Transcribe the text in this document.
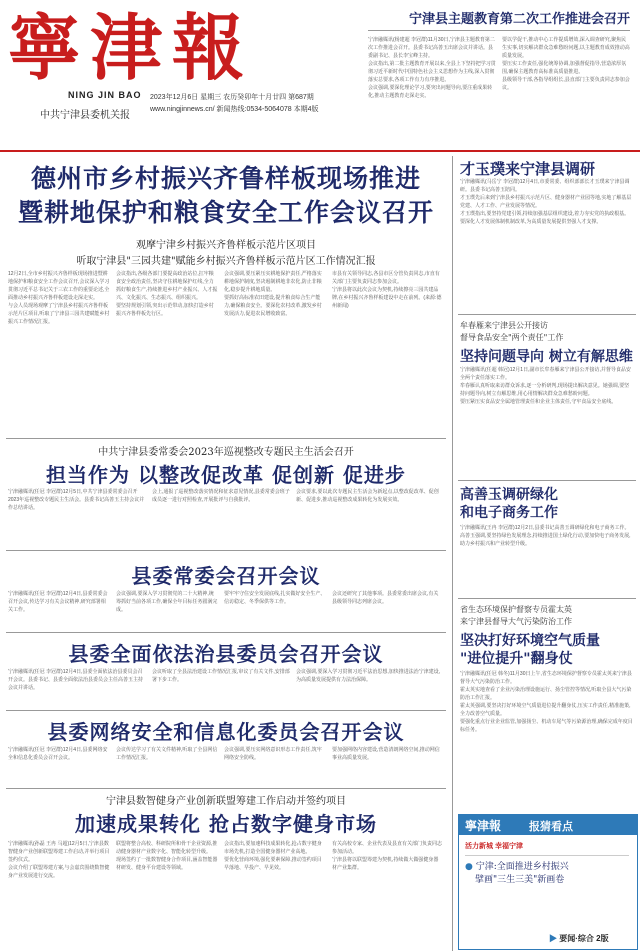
寧津報
NING JIN BAO
中共宁津县委机关报
2023年12月6日 星期三 农历癸卯年十月廿四 第687期
www.ningjinnews.cn/ 新闻热线:0534-5064078 本期4版
宁津县主题教育第二次工作推进会召开
宁津融媒讯(杨建超 李冠群)11月30日,宁津县主题教育第二次工作推进会召开。县委书记高善玉出席会议并讲话。县委副书记、县长李宝峰主持。
会议指出,第二批主题教育开展以来,全县上下坚持把学习贯彻习近平新时代中国特色社会主义思想作为主线,深入贯彻落实总要求,各项工作有力有序推进。
会议强调,要深化理论学习,要突出问题导向,要注重成果转化,推动主题教育走深走实。
要以学促干,推动中心工作提质增效,深入调查研究,聚焦民生实事,切实解决群众急难愁盼问题,以主题教育成效推动高质量发展。
要压实工作责任,强化统筹协调,加强督促指导,营造浓厚氛围,确保主题教育高标准高质量推进。
县级领导干部,各指导组组长,县直部门主要负责同志参加会议。
德州市乡村振兴齐鲁样板现场推进
暨耕地保护和粮食安全工作会议召开
观摩宁津乡村振兴齐鲁样板示范片区项目
听取宁津县"三园共建"赋能乡村振兴齐鲁样板示范片区工作情况汇报
12月2日,全市乡村振兴齐鲁样板现场推进暨耕地保护和粮食安全工作会议召开,会议深入学习贯彻习近平总书记关于三农工作的重要论述,全面推动乡村振兴齐鲁样板建设走深走实。
与会人员现场观摩了宁津县乡村振兴齐鲁样板示范片区项目,听取了宁津县三园共建赋能乡村振兴工作情况汇报。
会议指出,各级各部门要提高政治站位,扛牢粮食安全政治责任,坚决守住耕地保护红线,全力抓好粮食生产,持续推进乡村产业振兴、人才振兴、文化振兴、生态振兴、组织振兴。
要坚持规划引领,突出示范带动,加快打造乡村振兴齐鲁样板先行区。
会议强调,要压紧压实耕地保护责任,严格落实耕地保护制度,坚决遏制耕地非农化,防止非粮化,稳步提升耕地质量。
要抓好高标准农田建设,提升粮食综合生产能力,确保粮食安全。要深化农村改革,激发乡村发展活力,促进农民增收致富。
市县有关领导同志,各县市区分管负责同志,市直有关部门主要负责同志参加会议。
宁津县将以此次会议为契机,持续擦亮三园共建品牌,在乡村振兴齐鲁样板建设中走在前列。(来源:德州新闻)
中共宁津县委常委会2023年巡视整改专题民主生活会召开
担当作为 以整改促改革 促创新 促进步
宁津融媒讯(任冠 李冠群)12月5日,中共宁津县委常委会召开2023年巡视整改专题民主生活会。县委书记高善玉主持会议并作总结讲话。
会上,通报了巡视整改落实情况和征求意见情况,县委常委会班子成员逐一进行对照检查,开展批评与自我批评。
会议要求,要以此次专题民主生活会为新起点,以整改促改革、促创新、促进步,推动巡视整改成果转化为发展实效。
县委常委会召开会议
宁津融媒讯(任冠 李冠群)12月4日,县委常委会召开会议,传达学习有关会议精神,研究部署相关工作。
会议强调,要深入学习贯彻党的二十大精神,统筹抓好当前各项工作,确保全年目标任务圆满完成。
要牢牢守住安全发展底线,扎实做好安全生产、信访稳定、冬季保供等工作。
会议还研究了其他事项。县委常委出席会议,有关县级领导同志列席会议。
县委全面依法治县委员会召开会议
宁津融媒讯(任冠 李冠群)12月4日,县委全面依法治县委员会召开会议。县委书记、县委全面依法治县委员会主任高善玉主持会议并讲话。
会议听取了全县法治建设工作情况汇报,审议了有关文件,安排部署下步工作。
会议强调,要深入学习贯彻习近平法治思想,加快推进法治宁津建设,为高质量发展提供有力法治保障。
县委网络安全和信息化委员会召开会议
宁津融媒讯(任冠 李冠群)12月4日,县委网络安全和信息化委员会召开会议。
会议传达学习了有关文件精神,听取了全县网信工作情况汇报。
会议强调,要压实网络意识形态工作责任,筑牢网络安全防线。
要加强网络内容建设,营造清朗网络空间,推动网信事业高质量发展。
宁津县数智健身产业创新联盟筹建工作启动并签约项目
加速成果转化 抢占数字健身市场
宁津融媒讯(孙磊 王冉 马超)12月5日,宁津县数智健身产业创新联盟筹建工作启动,并举行项目签约仪式。
会议介绍了联盟筹建方案,与会嘉宾围绕数智健身产业发展进行交流。
联盟将整合高校、科研院所和骨干企业资源,推动健身器材产业数字化、智能化转型升级。
现场签约了一批数智健身合作项目,涵盖智能器材研发、健身平台建设等领域。
会议指出,要加速科技成果转化,抢占数字健身市场先机,打造全国健身器材产业高地。
要优化营商环境,强化要素保障,推动签约项目早落地、早投产、早见效。
有关高校专家、企业代表及县直有关部门负责同志参加活动。
宁津县将以联盟筹建为契机,持续做大做强健身器材产业集群。
才玉璞来宁津县调研
宁津融媒讯(马岳宁 李冠群)12月4日,市委常委、组织部部长才玉璞来宁津县调研。县委书记高善玉陪同。
才玉璞先后来到宁津县乡村振兴示范片区、健身器材产业园等地,实地了解基层党建、人才工作、产业发展等情况。
才玉璞指出,要坚持党建引领,持续加强基层组织建设,着力夯实党的执政根基。要深化人才发展体制机制改革,为高质量发展提供坚强人才支撑。
牟春雁来宁津县公开接访
督导食品安全"两个责任"工作
坚持问题导向 树立有解思维
宁津融媒讯(任超 韩冠)12月1日,副市长牟春雁来宁津县公开接访,并督导食品安全两个责任落实工作。
牟春雁认真听取来访群众诉求,逐一分析研判,现场提出解决意见。她强调,要坚持问题导向,树立有解思维,用心用情解决群众急难愁盼问题。
要压紧压实食品安全属地管理责任和企业主体责任,守牢食品安全底线。
高善玉调研绿化
和电子商务工作
宁津融媒讯(王冉 李冠群)12月2日,县委书记高善玉调研绿化和电子商务工作。
高善玉强调,要坚持绿色发展理念,持续推进国土绿化行动,要加快电子商务发展,助力乡村振兴和产业转型升级。
省生态环境保护督察专员霍太英
来宁津县督导大气污染防治工作
坚决打好环境空气质量
"进位提升"翻身仗
宁津融媒讯(任冠 韩冬)11月30日上午,省生态环境保护督察专员霍太英来宁津县督导大气污染防治工作。
霍太英实地查看了企业污染治理设施运行、扬尘管控等情况,听取全县大气污染防治工作汇报。
霍太英强调,要坚决打好环境空气质量进位提升翻身仗,压实工作责任,精准施策,全力改善空气质量。
要强化重点行业企业监管,加强扬尘、机动车尾气等污染源治理,确保完成年度目标任务。
寧津報	报猜看点
活力新城 幸福宁津
● 宁津:全面推进乡村振兴
擘画"三生三美"新画卷
▶ 要闻·综合 2版
